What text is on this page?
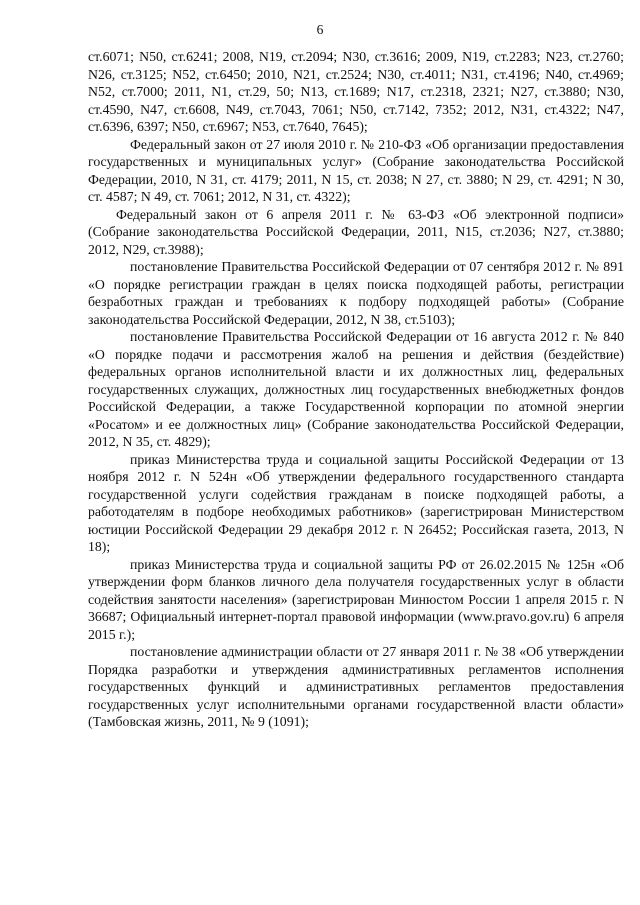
6

ст.6071; N50, ст.6241; 2008, N19, ст.2094; N30, ст.3616; 2009, N19, ст.2283; N23, ст.2760; N26, ст.3125; N52, ст.6450; 2010, N21, ст.2524; N30, ст.4011; N31, ст.4196; N40, ст.4969; N52, ст.7000; 2011, N1, ст.29, 50; N13, ст.1689; N17, ст.2318, 2321; N27, ст.3880; N30, ст.4590, N47, ст.6608, N49, ст.7043, 7061; N50, ст.7142, 7352; 2012, N31, ст.4322; N47, ст.6396, 6397; N50, ст.6967; N53, ст.7640, 7645);

Федеральный закон от 27 июля 2010 г. № 210-ФЗ «Об организации предоставления государственных и муниципальных услуг» (Собрание законодательства Российской Федерации, 2010, N 31, ст. 4179; 2011, N 15, ст. 2038; N 27, ст. 3880; N 29, ст. 4291; N 30, ст. 4587; N 49, ст. 7061; 2012, N 31, ст. 4322);

Федеральный закон от 6 апреля 2011 г. № 63-ФЗ «Об электронной подписи» (Собрание законодательства Российской Федерации, 2011, N15, ст.2036; N27, ст.3880; 2012, N29, ст.3988);

постановление Правительства Российской Федерации от 07 сентября 2012 г. № 891 «О порядке регистрации граждан в целях поиска подходящей работы, регистрации безработных граждан и требованиях к подбору подходящей работы» (Собрание законодательства Российской Федерации, 2012, N 38, ст.5103);

постановление Правительства Российской Федерации от 16 августа 2012 г. № 840 «О порядке подачи и рассмотрения жалоб на решения и действия (бездействие) федеральных органов исполнительной власти и их должностных лиц, федеральных государственных служащих, должностных лиц государственных внебюджетных фондов Российской Федерации, а также Государственной корпорации по атомной энергии «Росатом» и ее должностных лиц» (Собрание законодательства Российской Федерации, 2012, N 35, ст. 4829);

приказ Министерства труда и социальной защиты Российской Федерации от 13 ноября 2012 г. N 524н «Об утверждении федерального государственного стандарта государственной услуги содействия гражданам в поиске подходящей работы, а работодателям в подборе необходимых работников» (зарегистрирован Министерством юстиции Российской Федерации 29 декабря 2012 г. N 26452; Российская газета, 2013, N 18);

приказ Министерства труда и социальной защиты РФ от 26.02.2015 № 125н «Об утверждении форм бланков личного дела получателя государственных услуг в области содействия занятости населения» (зарегистрирован Минюстом России 1 апреля 2015 г. N 36687; Официальный интернет-портал правовой информации (www.pravo.gov.ru) 6 апреля 2015 г.);

постановление администрации области от 27 января 2011 г. № 38 «Об утверждении Порядка разработки и утверждения административных регламентов исполнения государственных функций и административных регламентов предоставления государственных услуг исполнительными органами государственной власти области» (Тамбовская жизнь, 2011, № 9 (1091);
